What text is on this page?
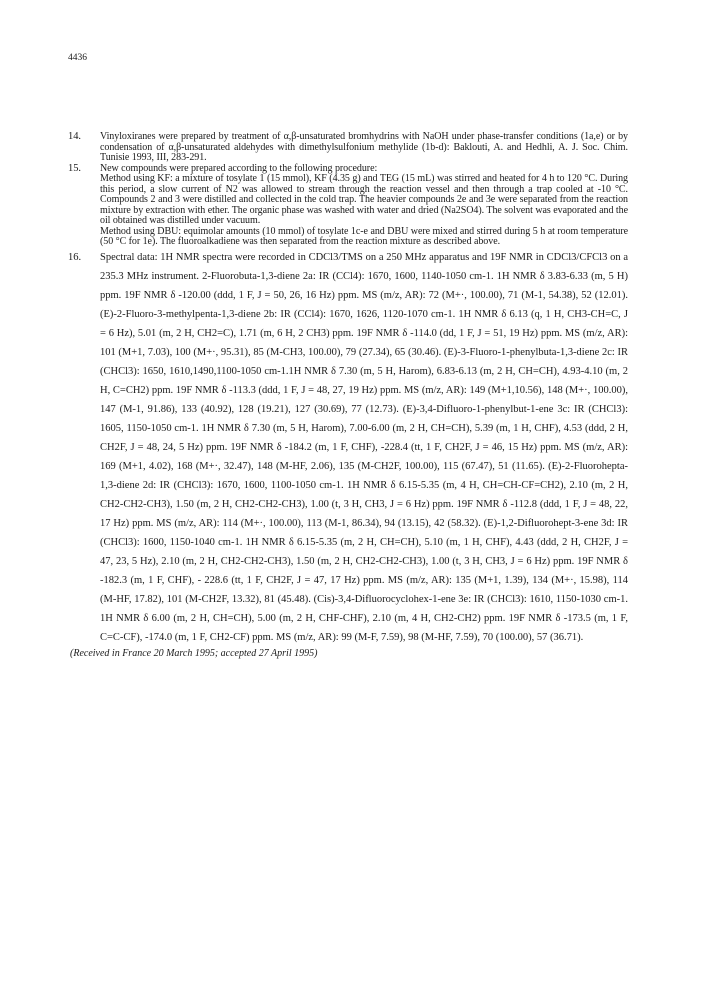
4436
14. Vinyloxiranes were prepared by treatment of α,β-unsaturated bromhydrins with NaOH under phase-transfer conditions (1a,e) or by condensation of α,β-unsaturated aldehydes with dimethylsulfonium methylide (1b-d): Baklouti, A. and Hedhli, A. J. Soc. Chim. Tunisie 1993, III, 283-291.
15. New compounds were prepared according to the following procedure:
Method using KF: a mixture of tosylate 1 (15 mmol), KF (4.35 g) and TEG (15 mL) was stirred and heated for 4 h to 120 °C. During this period, a slow current of N2 was allowed to stream through the reaction vessel and then through a trap cooled at -10 °C. Compounds 2 and 3 were distilled and collected in the cold trap. The heavier compounds 2e and 3e were separated from the reaction mixture by extraction with ether. The organic phase was washed with water and dried (Na2SO4). The solvent was evaporated and the oil obtained was distilled under vacuum.
Method using DBU: equimolar amounts (10 mmol) of tosylate 1c-e and DBU were mixed and stirred during 5 h at room temperature (50 °C for 1e). The fluoroalkadiene was then separated from the reaction mixture as described above.
16. Spectral data: 1H NMR spectra were recorded in CDCl3/TMS on a 250 MHz apparatus and 19F NMR in CDCl3/CFCl3 on a 235.3 MHz instrument. 2-Fluorobuta-1,3-diene 2a: IR (CCl4): 1670, 1600, 1140-1050 cm-1. 1H NMR δ 3.83-6.33 (m, 5 H) ppm. 19F NMR δ -120.00 (ddd, 1 F, J = 50, 26, 16 Hz) ppm. MS (m/z, AR): 72 (M+·, 100.00), 71 (M-1, 54.38), 52 (12.01). (E)-2-Fluoro-3-methylpenta-1,3-diene 2b: IR (CCl4): 1670, 1626, 1120-1070 cm-1. 1H NMR δ 6.13 (q, 1 H, CH3-CH=C, J = 6 Hz), 5.01 (m, 2 H, CH2=C), 1.71 (m, 6 H, 2 CH3) ppm. 19F NMR δ -114.0 (dd, 1 F, J = 51, 19 Hz) ppm. MS (m/z, AR): 101 (M+1, 7.03), 100 (M+·, 95.31), 85 (M-CH3, 100.00), 79 (27.34), 65 (30.46). (E)-3-Fluoro-1-phenylbuta-1,3-diene 2c: IR (CHCl3): 1650, 1610,1490,1100-1050 cm-1.1H NMR δ 7.30 (m, 5 H, Harom), 6.83-6.13 (m, 2 H, CH=CH), 4.93-4.10 (m, 2 H, C=CH2) ppm. 19F NMR δ -113.3 (ddd, 1 F, J = 48, 27, 19 Hz) ppm. MS (m/z, AR): 149 (M+1,10.56), 148 (M+·, 100.00), 147 (M-1, 91.86), 133 (40.92), 128 (19.21), 127 (30.69), 77 (12.73). (E)-3,4-Difluoro-1-phenylbut-1-ene 3c: IR (CHCl3): 1605, 1150-1050 cm-1. 1H NMR δ 7.30 (m, 5 H, Harom), 7.00-6.00 (m, 2 H, CH=CH), 5.39 (m, 1 H, CHF), 4.53 (ddd, 2 H, CH2F, J = 48, 24, 5 Hz) ppm. 19F NMR δ -184.2 (m, 1 F, CHF), -228.4 (tt, 1 F, CH2F, J = 46, 15 Hz) ppm. MS (m/z, AR): 169 (M+1, 4.02), 168 (M+·, 32.47), 148 (M-HF, 2.06), 135 (M-CH2F, 100.00), 115 (67.47), 51 (11.65). (E)-2-Fluorohepta-1,3-diene 2d: IR (CHCl3): 1670, 1600, 1100-1050 cm-1. 1H NMR δ 6.15-5.35 (m, 4 H, CH=CH-CF=CH2), 2.10 (m, 2 H, CH2-CH2-CH3), 1.50 (m, 2 H, CH2-CH2-CH3), 1.00 (t, 3 H, CH3, J = 6 Hz) ppm. 19F NMR δ -112.8 (ddd, 1 F, J = 48, 22, 17 Hz) ppm. MS (m/z, AR): 114 (M+·, 100.00), 113 (M-1, 86.34), 94 (13.15), 42 (58.32). (E)-1,2-Difluorohept-3-ene 3d: IR (CHCl3): 1600, 1150-1040 cm-1. 1H NMR δ 6.15-5.35 (m, 2 H, CH=CH), 5.10 (m, 1 H, CHF), 4.43 (ddd, 2 H, CH2F, J = 47, 23, 5 Hz), 2.10 (m, 2 H, CH2-CH2-CH3), 1.50 (m, 2 H, CH2-CH2-CH3), 1.00 (t, 3 H, CH3, J = 6 Hz) ppm. 19F NMR δ -182.3 (m, 1 F, CHF), - 228.6 (tt, 1 F, CH2F, J = 47, 17 Hz) ppm. MS (m/z, AR): 135 (M+1, 1.39), 134 (M+·, 15.98), 114 (M-HF, 17.82), 101 (M-CH2F, 13.32), 81 (45.48). (Cis)-3,4-Difluorocyclohex-1-ene 3e: IR (CHCl3): 1610, 1150-1030 cm-1. 1H NMR δ 6.00 (m, 2 H, CH=CH), 5.00 (m, 2 H, CHF-CHF), 2.10 (m, 4 H, CH2-CH2) ppm. 19F NMR δ -173.5 (m, 1 F, C=C-CF), -174.0 (m, 1 F, CH2-CF) ppm. MS (m/z, AR): 99 (M-F, 7.59), 98 (M-HF, 7.59), 70 (100.00), 57 (36.71).
(Received in France 20 March 1995; accepted 27 April 1995)
